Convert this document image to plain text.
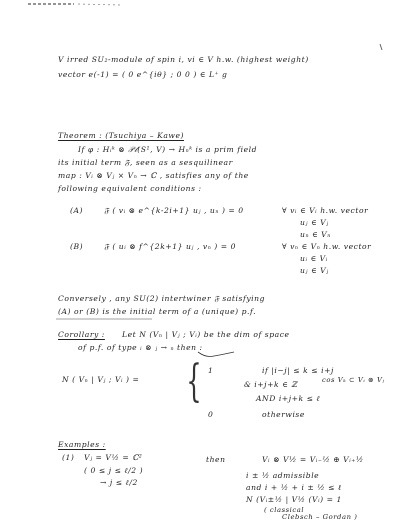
V irred SU₂-module of spin i, vi ∈ V h.w. (highest weight)
vector e(-1) = ( 0 e^{iθ} ; 0 0 ) ∈ L⁺ g
Theorem : (Tsuchiya – Kawe)
If φ : Hᵢᵏ ⊗ 𝒫𝓁(S¹, V) → Hₙᵏ is a prim field
its initial term 𝔉, seen as a sesquilinear
map : Vᵢ ⊗ Vⱼ × Vₙ → ℂ , satisfies any of the
following equivalent conditions :
(A)	𝔉 ( vᵢ ⊗ e^{k-2i+1} uⱼ , uₙ ) = 0	∀ vᵢ ∈ Vᵢ h.w. vector
uⱼ ∈ Vⱼ
uₙ ∈ Vₙ
(B)	𝔉 ( uᵢ ⊗ f^{2k+1} uⱼ , vₙ ) = 0	∀ vₙ ∈ Vₙ h.w. vector
uᵢ ∈ Vᵢ
uⱼ ∈ Vⱼ
Conversely , any SU(2) intertwiner 𝔉 satisfying
(A) or (B) is the initial term of a (unique) p.f.
Corollary : Let N (Vₙ | Vⱼ ; Vᵢ) be the dim of space
of p.f. of type ᵢ ⊗ ⱼ → ₙ then :
N ( Vₙ | Vⱼ ; Vᵢ ) = { 1	if |i−j| ≤ k ≤ i+j
& i+j+k ∈ ℤ	cos Vₖ ⊂ Vᵢ ⊗ Vⱼ
AND i+j+k ≤ ℓ
0	otherwise
Examples :
(1) Vⱼ = V½ = ℂ²
( 0 ≤ j ≤ ℓ/2 )
→ j ≤ ℓ/2
then	Vᵢ ⊗ V½ = Vᵢ₋½ ⊕ Vᵢ₊½
i ± ½ admissible
and i + ½ + i ± ½ ≤ ℓ
N (Vᵢ±½ | V½ (Vᵢ) = 1
( classical
Clebsch – Gordan )
